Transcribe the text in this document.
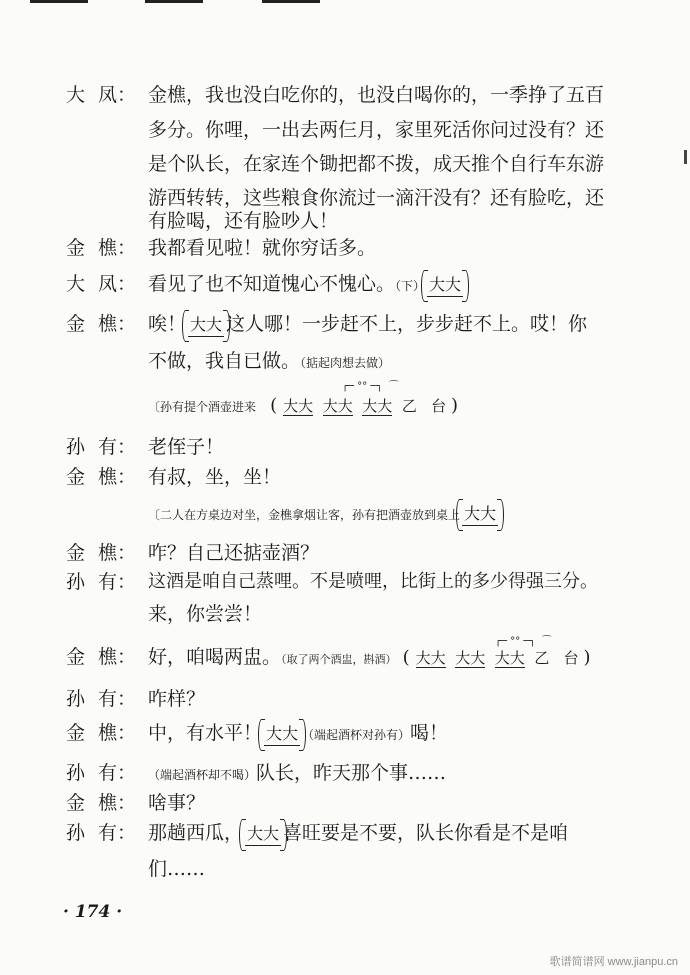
大 凤： 金樵，我也没白吃你的，也没白喝你的，一季挣了五百
多分。你哩，一出去两仨月，家里死活你问过没有？还
是个队长，在家连个锄把都不拨，成天推个自行车东游
游西转转，这些粮食你流过一滴汗没有？还有脸吃，还
有脸喝，还有脸吵人！
金 樵： 我都看见啦！就你穷话多。
大 凤： 看见了也不知道愧心不愧心。（下） 大大
金 樵： 唉！ 大大 这人哪！一步赶不上，步步赶不上。哎！你
不做，我自已做。（掂起肉想去做）
┌─ °° ─┐  ⌒
〔孙有提个酒壶进来 ( 大大 大大 大大 乙 台 )
孙 有： 老侄子！
金 樵： 有叔，坐，坐！
〔二人在方桌边对坐，金樵拿烟让客，孙有把酒壶放到桌上 大大
金 樵： 咋？自己还掂壶酒？
孙 有： 这酒是咱自己蒸哩。不是喷哩，比街上的多少得强三分。
来，你尝尝！
┌─ °° ─┐  ⌒
金 樵： 好，咱喝两盅。（取了两个酒盅，斟酒） ( 大大 大大 大大 乙 台 )
孙 有： 咋样？
金 樵： 中，有水平！ 大大 （端起酒杯对孙有）喝！
孙 有： （端起酒杯却不喝）队长，昨天那个事……
金 樵： 啥事？
孙 有： 那趟西瓜， 大大 喜旺要是不要，队长你看是不是咱
们……
· 174 ·
歌谱简谱网 www.jianpu.cn
